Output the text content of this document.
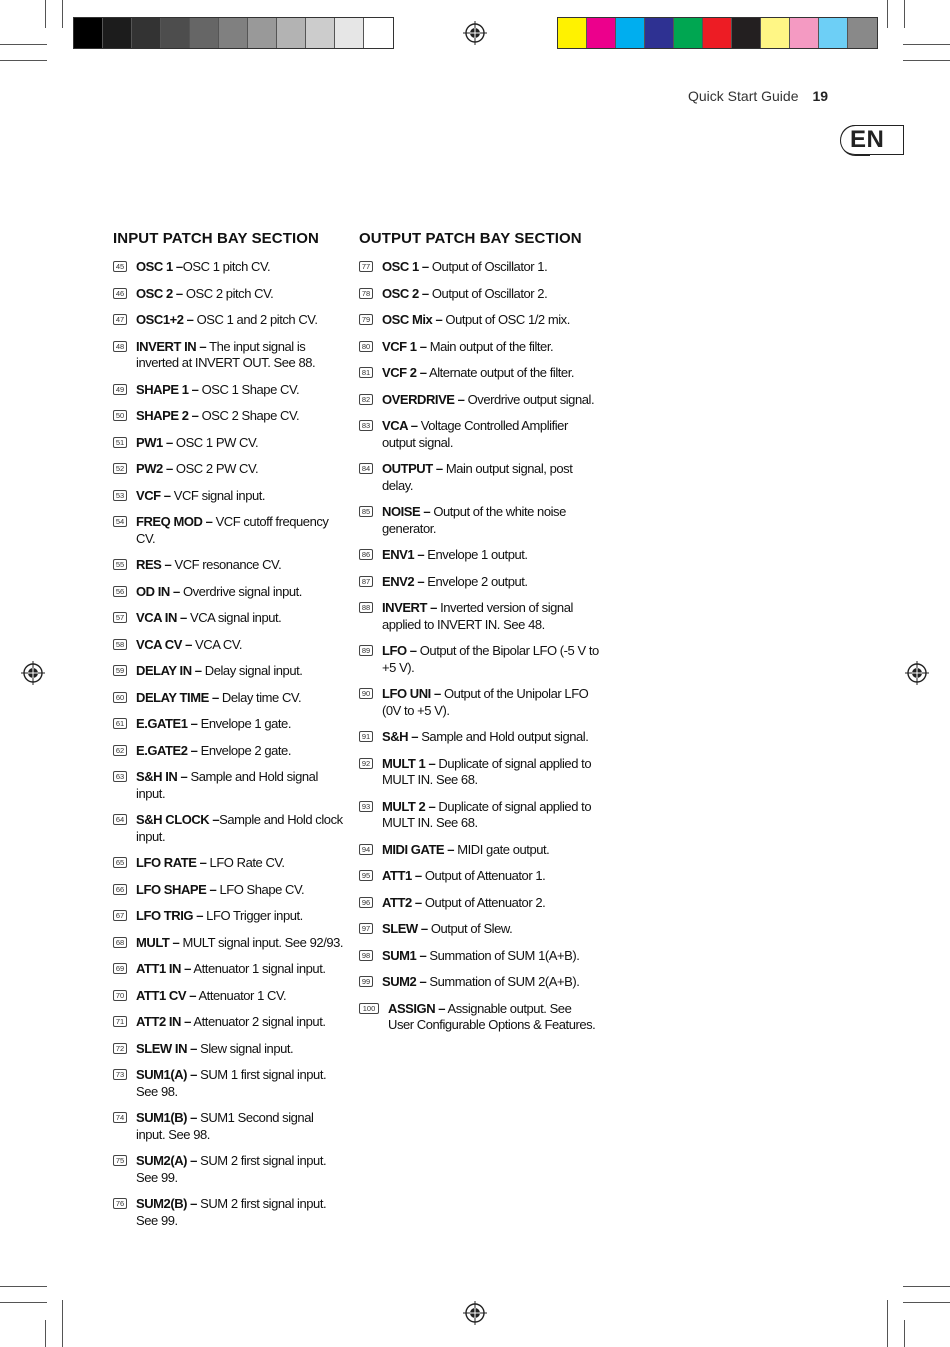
Quick Start Guide 19
EN
INPUT PATCH BAY SECTION
45 OSC 1 –OSC 1 pitch CV.
46 OSC 2 – OSC 2 pitch CV.
47 OSC1+2 – OSC 1 and 2 pitch CV.
48 INVERT IN – The input signal is inverted at INVERT OUT. See 88.
49 SHAPE 1 – OSC 1 Shape CV.
50 SHAPE 2 – OSC 2 Shape CV.
51 PW1 – OSC 1 PW CV.
52 PW2 – OSC 2 PW CV.
53 VCF – VCF signal input.
54 FREQ MOD – VCF cutoff frequency CV.
55 RES – VCF resonance CV.
56 OD IN – Overdrive signal input.
57 VCA IN – VCA signal input.
58 VCA CV – VCA CV.
59 DELAY IN – Delay signal input.
60 DELAY TIME – Delay time CV.
61 E.GATE1 – Envelope 1 gate.
62 E.GATE2 – Envelope 2 gate.
63 S&H IN – Sample and Hold signal input.
64 S&H CLOCK –Sample and Hold clock input.
65 LFO RATE – LFO Rate CV.
66 LFO SHAPE – LFO Shape CV.
67 LFO TRIG – LFO Trigger input.
68 MULT – MULT signal input. See 92/93.
69 ATT1 IN – Attenuator 1 signal input.
70 ATT1 CV – Attenuator 1 CV.
71 ATT2 IN – Attenuator 2 signal input.
72 SLEW IN – Slew signal input.
73 SUM1(A) – SUM 1 first signal input. See 98.
74 SUM1(B) – SUM1 Second signal input. See 98.
75 SUM2(A) – SUM 2 first signal input. See 99.
76 SUM2(B) – SUM 2 first signal input. See 99.
OUTPUT PATCH BAY SECTION
77 OSC 1 – Output of Oscillator 1.
78 OSC 2 – Output of Oscillator 2.
79 OSC Mix – Output of OSC 1/2 mix.
80 VCF 1 – Main output of the filter.
81 VCF 2 – Alternate output of the filter.
82 OVERDRIVE – Overdrive output signal.
83 VCA – Voltage Controlled Amplifier output signal.
84 OUTPUT – Main output signal, post delay.
85 NOISE – Output of the white noise generator.
86 ENV1 – Envelope 1 output.
87 ENV2 – Envelope 2 output.
88 INVERT – Inverted version of signal applied to INVERT IN. See 48.
89 LFO – Output of the Bipolar LFO (-5 V to +5 V).
90 LFO UNI – Output of the Unipolar LFO (0V to +5 V).
91 S&H – Sample and Hold output signal.
92 MULT 1 – Duplicate of signal applied to MULT IN. See 68.
93 MULT 2 – Duplicate of signal applied to MULT IN. See 68.
94 MIDI GATE – MIDI gate output.
95 ATT1 – Output of Attenuator 1.
96 ATT2 – Output of Attenuator 2.
97 SLEW – Output of Slew.
98 SUM1 – Summation of SUM 1(A+B).
99 SUM2 – Summation of SUM 2(A+B).
100 ASSIGN – Assignable output. See User Configurable Options & Features.
